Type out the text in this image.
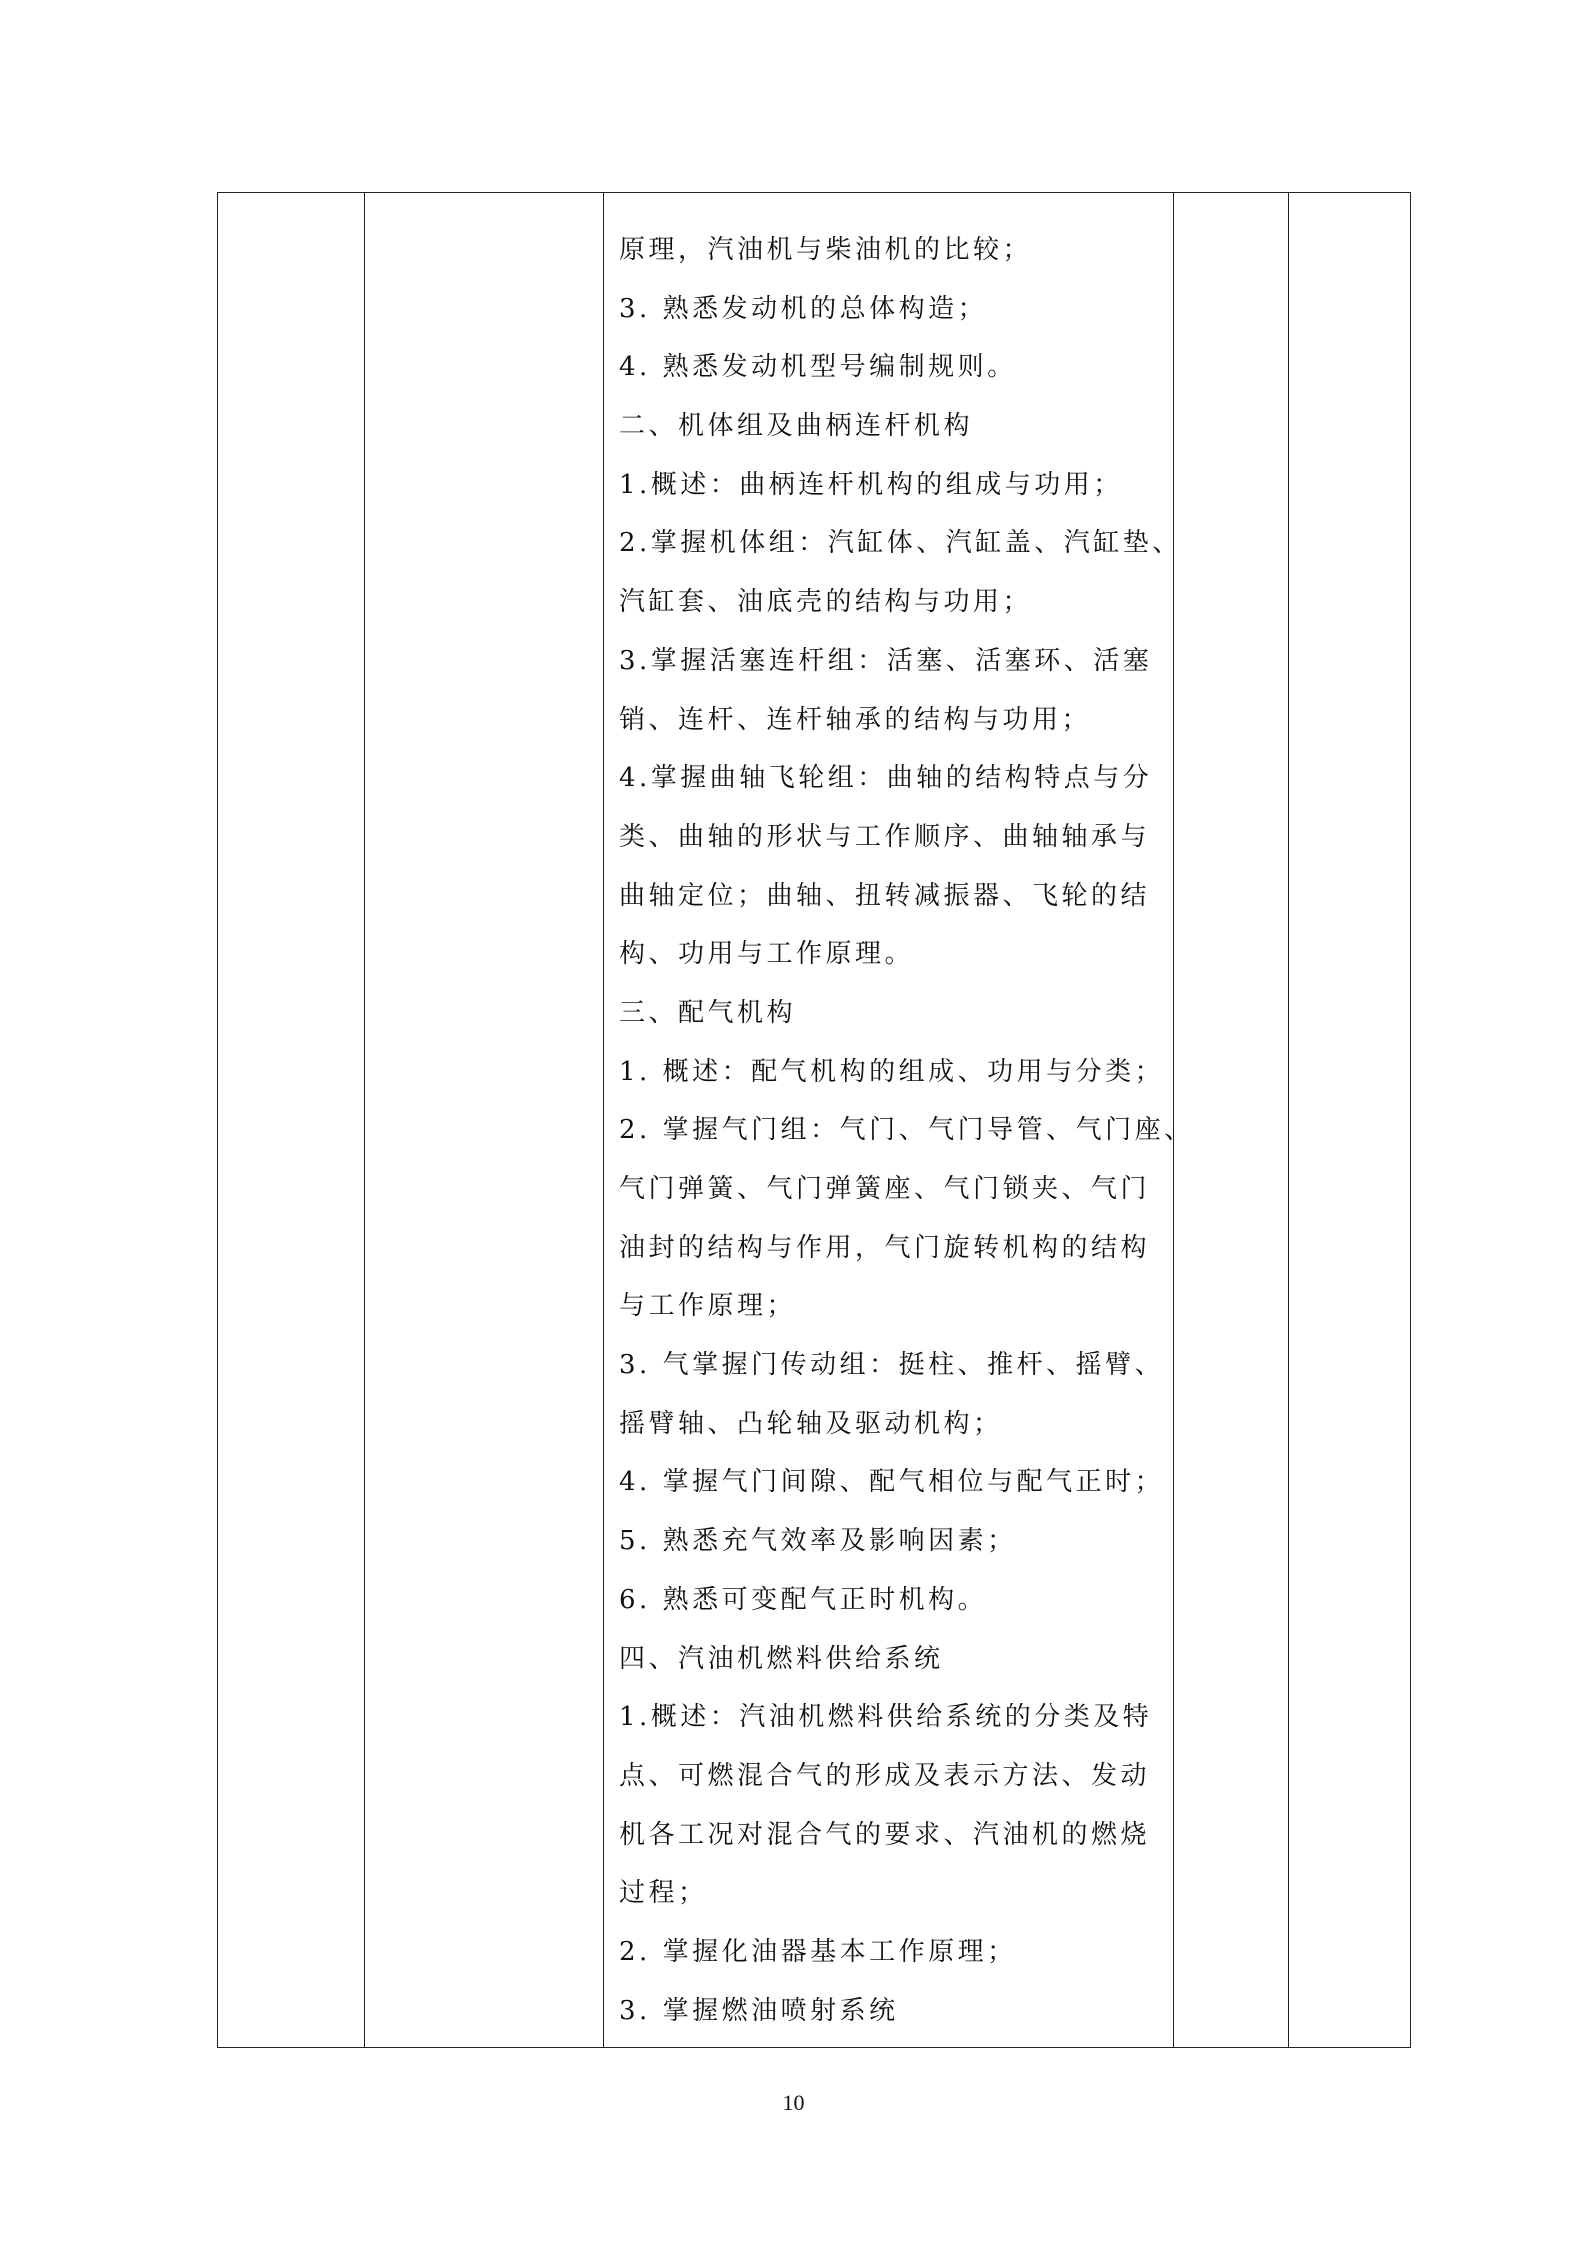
原理，汽油机与柴油机的比较；
3. 熟悉发动机的总体构造；
4. 熟悉发动机型号编制规则。
二、机体组及曲柄连杆机构
1.概述：曲柄连杆机构的组成与功用；
2.掌握机体组：汽缸体、汽缸盖、汽缸垫、
汽缸套、油底壳的结构与功用；
3.掌握活塞连杆组：活塞、活塞环、活塞
销、连杆、连杆轴承的结构与功用；
4.掌握曲轴飞轮组：曲轴的结构特点与分
类、曲轴的形状与工作顺序、曲轴轴承与
曲轴定位；曲轴、扭转减振器、飞轮的结
构、功用与工作原理。
三、配气机构
1. 概述：配气机构的组成、功用与分类；
2. 掌握气门组：气门、气门导管、气门座、
气门弹簧、气门弹簧座、气门锁夹、气门
油封的结构与作用，气门旋转机构的结构
与工作原理；
3. 气掌握门传动组：挺柱、推杆、摇臂、
摇臂轴、凸轮轴及驱动机构；
4. 掌握气门间隙、配气相位与配气正时；
5. 熟悉充气效率及影响因素；
6. 熟悉可变配气正时机构。
四、汽油机燃料供给系统
1.概述：汽油机燃料供给系统的分类及特
点、可燃混合气的形成及表示方法、发动
机各工况对混合气的要求、汽油机的燃烧
过程；
2. 掌握化油器基本工作原理；
3. 掌握燃油喷射系统

10
